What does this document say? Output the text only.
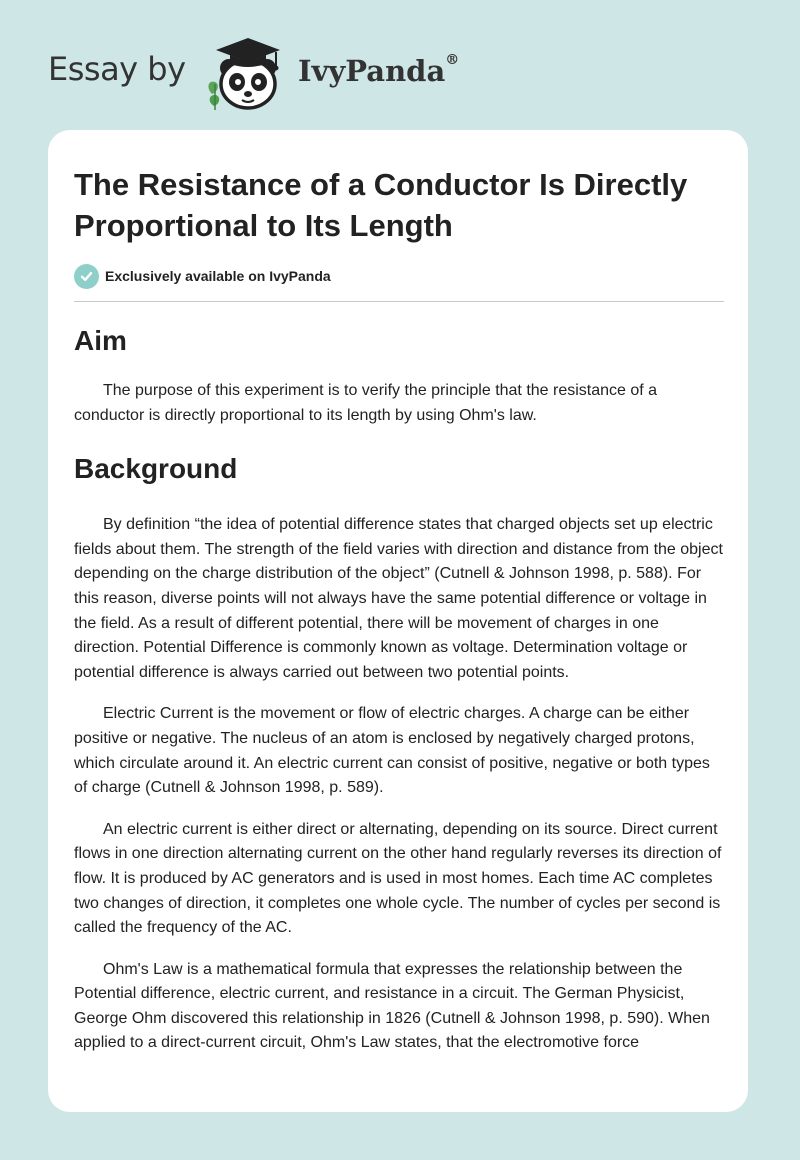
Essay by	IvyPanda®
The Resistance of a Conductor Is Directly Proportional to Its Length
Exclusively available on IvyPanda
Aim

The purpose of this experiment is to verify the principle that the resistance of a conductor is directly proportional to its length by using Ohm's law.

Background

By definition “the idea of potential difference states that charged objects set up electric fields about them. The strength of the field varies with direction and distance from the object depending on the charge distribution of the object” (Cutnell & Johnson 1998, p. 588). For this reason, diverse points will not always have the same potential difference or voltage in the field. As a result of different potential, there will be movement of charges in one direction. Potential Difference is commonly known as voltage. Determination voltage or potential difference is always carried out between two potential points.

Electric Current is the movement or flow of electric charges. A charge can be either positive or negative. The nucleus of an atom is enclosed by negatively charged protons, which circulate around it. An electric current can consist of positive, negative or both types of charge (Cutnell & Johnson 1998, p. 589).

An electric current is either direct or alternating, depending on its source. Direct current flows in one direction alternating current on the other hand regularly reverses its direction of flow. It is produced by AC generators and is used in most homes. Each time AC completes two changes of direction, it completes one whole cycle. The number of cycles per second is called the frequency of the AC.

Ohm's Law is a mathematical formula that expresses the relationship between the Potential difference, electric current, and resistance in a circuit. The German Physicist, George Ohm discovered this relationship in 1826 (Cutnell & Johnson 1998, p. 590). When applied to a direct-current circuit, Ohm's Law states, that the electromotive force
